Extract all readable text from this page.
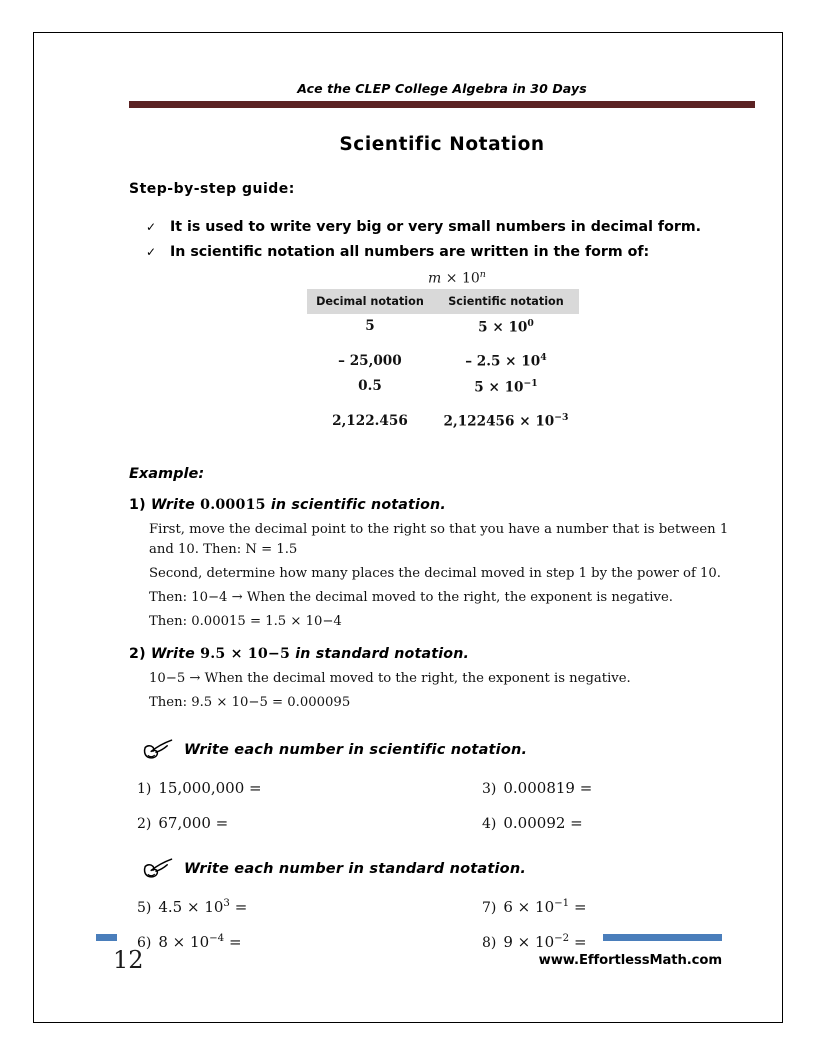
Ace the CLEP College Algebra in 30 Days
Scientific Notation
Step-by-step guide:
✓ It is used to write very big or very small numbers in decimal form.
✓ In scientific notation all numbers are written in the form of:
$m \times 10^n$
Decimal notation	Scientific notation
5	$5 \times 10^0$
– 25,000	– $2.5 \times 10^4$
0.5	$5 \times 10^{-1}$
2,122.456	$2,122456 \times 10^{-3}$
Example:
1) Write 0.00015 in scientific notation.
First, move the decimal point to the right so that you have a number that is between 1 and 10. Then: N = 1.5
Second, determine how many places the decimal moved in step 1 by the power of 10.
Then: 10−4 → When the decimal moved to the right, the exponent is negative.
Then: 0.00015 = 1.5 × 10−4
2) Write 9.5 × 10−5 in standard notation.
10−5 → When the decimal moved to the right, the exponent is negative.
Then: 9.5 × 10−5 = 0.000095
Write each number in scientific notation.
1) 15,000,000 =	3) 0.000819 =
2) 67,000 =	4) 0.00092 =
Write each number in standard notation.
5) $4.5 \times 10^3$ =	7) $6 \times 10^{-1}$ =
6) $8 \times 10^{-4}$ =	8) $9 \times 10^{-2}$ =
12	www.EffortlessMath.com
